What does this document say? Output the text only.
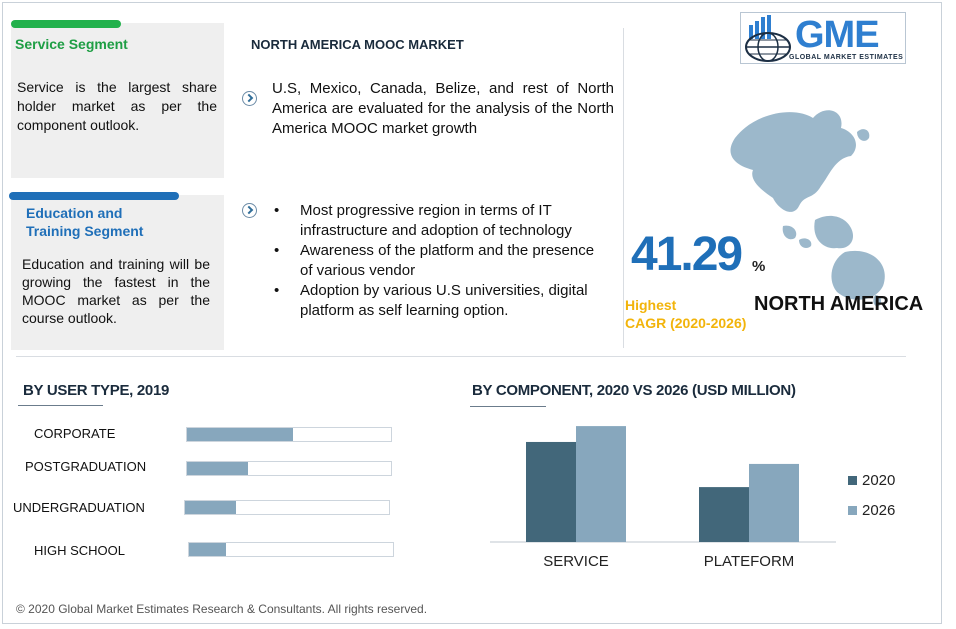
Service Segment
Service is the largest share holder market as per the component outlook.
Education and
Training Segment
Education and training will be growing the fastest in the MOOC market as per the course outlook.
NORTH AMERICA MOOC MARKET
U.S, Mexico, Canada, Belize, and rest of North America are evaluated for the analysis of the North America MOOC market growth
• Most progressive region in terms of IT infrastructure and adoption of technology
• Awareness of the platform and the presence of various vendor
• Adoption by various U.S universities, digital platform as self learning option.
GME
GLOBAL MARKET ESTIMATES
41.29 %
Highest
CAGR (2020-2026)
NORTH AMERICA
BY USER TYPE, 2019	BY COMPONENT, 2020 VS 2026 (USD MILLION)
© 2020 Global Market Estimates Research & Consultants. All rights reserved.
CORPORATE
POSTGRADUATION
UNDERGRADUATION
HIGH SCHOOL
SERVICE	PLATEFORM
2020
2026
